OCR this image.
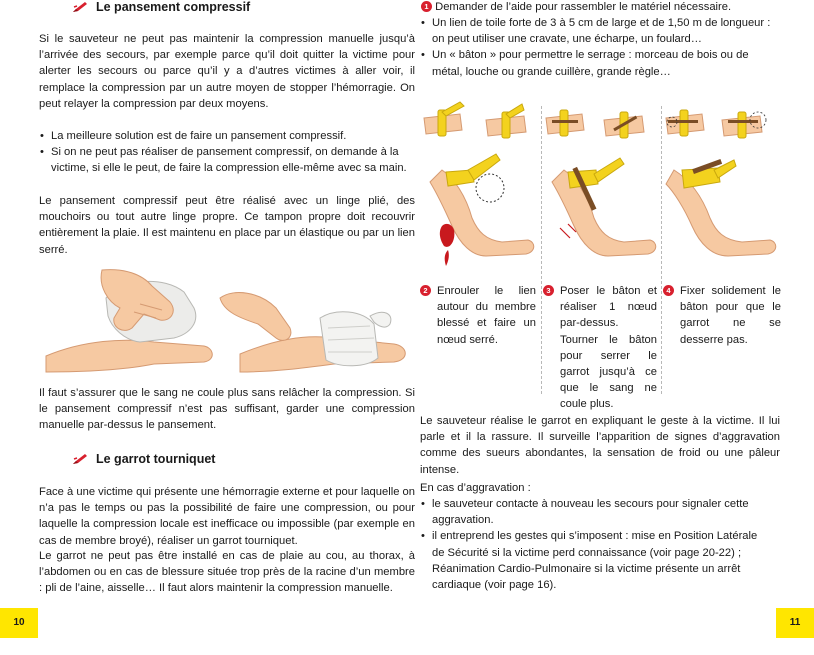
Le pansement compressif

Si le sauveteur ne peut pas maintenir la compression manuelle jusqu’à l’arrivée des secours, par exemple parce qu’il doit quitter la victime pour alerter les secours ou parce qu’il y a d’autres victimes à aller voir, il remplace la compression par un autre moyen de stopper l’hémorragie. On peut relayer la compression par deux moyens.

• La meilleure solution est de faire un pansement compressif.
• Si on ne peut pas réaliser de pansement compressif, on demande à la victime, si elle le peut, de faire la compression elle-même avec sa main.

Le pansement compressif peut être réalisé avec un linge plié, des mouchoirs ou tout autre linge propre. Ce tampon propre doit recouvrir entièrement la plaie. Il est maintenu en place par un élastique ou par un lien serré.

Il faut s’assurer que le sang ne coule plus sans relâcher la compression. Si le pansement compressif n’est pas suffisant, garder une compression manuelle par-dessus le pansement.

Le garrot tourniquet

Face à une victime qui présente une hémorragie externe et pour laquelle on n’a pas le temps ou pas la possibilité de faire une compression, ou pour laquelle la compression locale est inefficace ou impossible (par exemple en cas de membre broyé), réaliser un garrot tourniquet.

Le garrot ne peut pas être installé en cas de plaie au cou, au thorax, à l’abdomen ou en cas de blessure située trop près de la racine d’un membre : pli de l’aine, aisselle… Il faut alors maintenir la compression manuelle.

10
1 Demander de l’aide pour rassembler le matériel nécessaire.
• Un lien de toile forte de 3 à 5 cm de large et de 1,50 m de longueur : on peut utiliser une cravate, une écharpe, un foulard…
• Un « bâton » pour permettre le serrage : morceau de bois ou de métal, louche ou grande cuillère, grande règle…
2 Enrouler le lien autour du membre blessé et faire un nœud serré.

3 Poser le bâton et réaliser 1 nœud par-dessus. Tourner le bâton pour serrer le garrot jusqu’à ce que le sang ne coule plus.

4 Fixer solidement le bâton pour que le garrot ne se desserre pas.

Le sauveteur réalise le garrot en expliquant le geste à la victime. Il lui parle et il la rassure. Il surveille l’apparition de signes d’aggravation comme des sueurs abondantes, la sensation de froid ou une pâleur intense.

En cas d’aggravation :

• le sauveteur contacte à nouveau les secours pour signaler cette aggravation.
• il entreprend les gestes qui s’imposent : mise en Position Latérale de Sécurité si la victime perd connaissance (voir page 20-22) ; Réanimation Cardio-Pulmonaire si la victime présente un arrêt cardiaque (voir page 16).
11
